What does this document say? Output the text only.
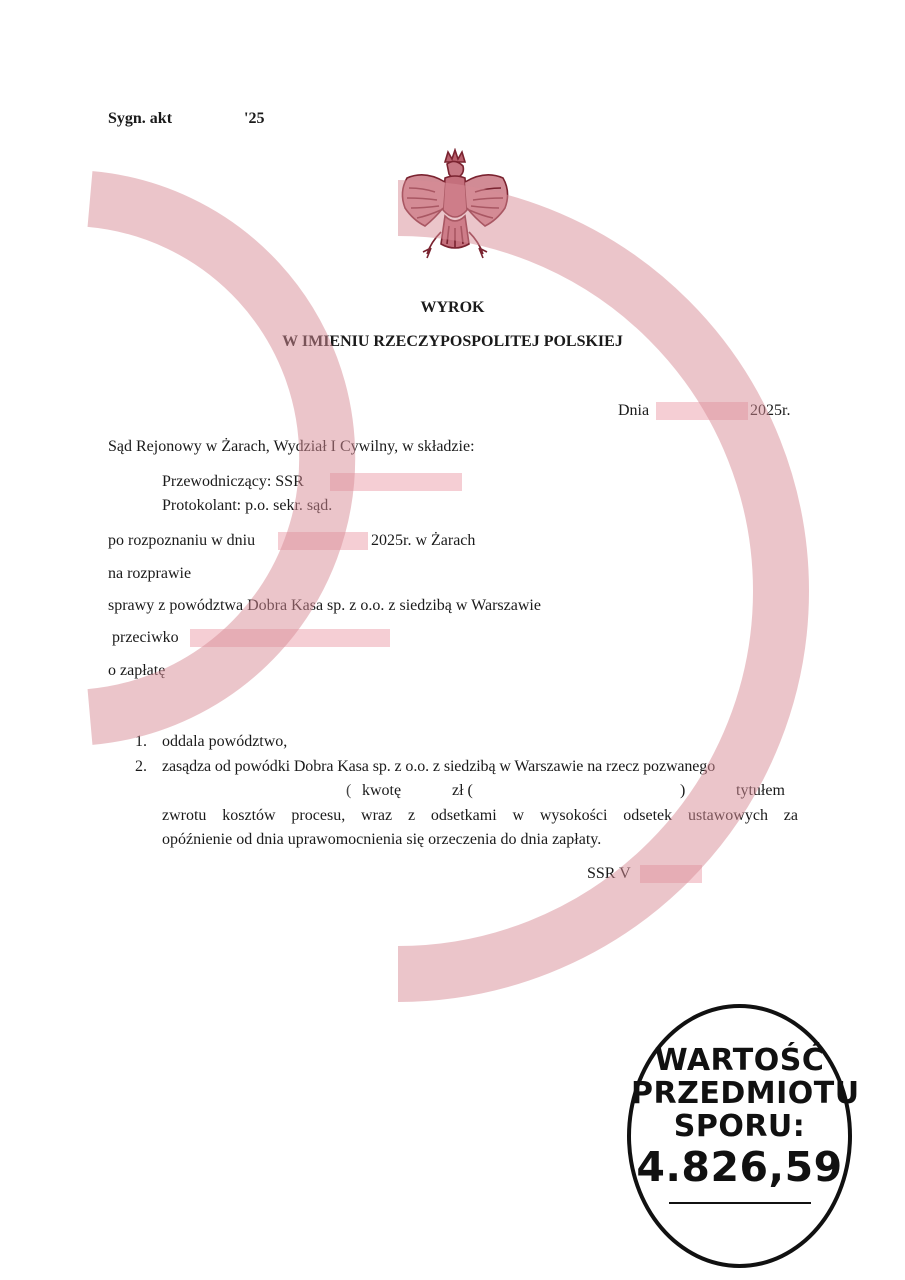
Sygn. akt	'25
WYROK
W IMIENIU RZECZYPOSPOLITEJ POLSKIEJ
Dnia	2025r.
Sąd Rejonowy w Żarach, Wydział I Cywilny, w składzie:
Przewodniczący: SSR
Protokolant: p.o. sekr. sąd.
po rozpoznaniu w dniu	2025r. w Żarach
na rozprawie
sprawy z powództwa Dobra Kasa sp. z o.o. z siedzibą w Warszawie
przeciwko
o zapłatę
1. oddala powództwo,
2. zasądza od powódki Dobra Kasa sp. z o.o. z siedzibą w Warszawie na rzecz pozwanego
( kwotę	zł (	)	tytułem
zwrotu kosztów procesu, wraz z odsetkami w wysokości odsetek ustawowych za
opóźnienie od dnia uprawomocnienia się orzeczenia do dnia zapłaty.
SSR V
WARTOŚĆ
PRZEDMIOTU
SPORU:
4.826,59
